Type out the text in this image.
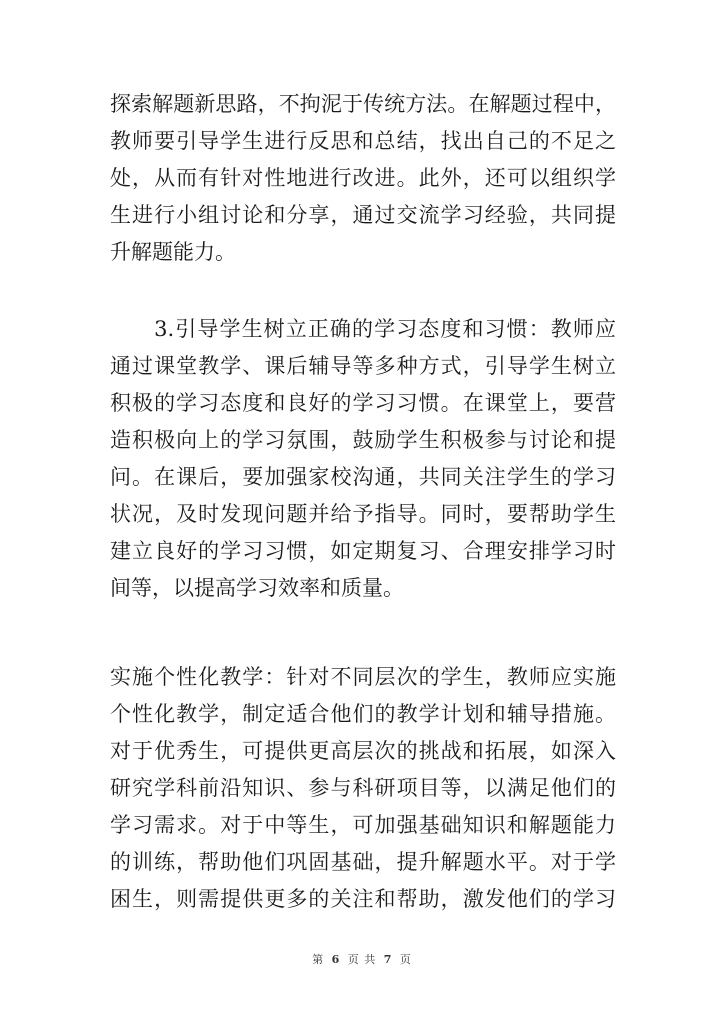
探索解题新思路，不拘泥于传统方法。在解题过程中，
教师要引导学生进行反思和总结，找出自己的不足之
处，从而有针对性地进行改进。此外，还可以组织学
生进行小组讨论和分享，通过交流学习经验，共同提
升解题能力。
　　3.引导学生树立正确的学习态度和习惯：教师应
通过课堂教学、课后辅导等多种方式，引导学生树立
积极的学习态度和良好的学习习惯。在课堂上，要营
造积极向上的学习氛围，鼓励学生积极参与讨论和提
问。在课后，要加强家校沟通，共同关注学生的学习
状况，及时发现问题并给予指导。同时，要帮助学生
建立良好的学习习惯，如定期复习、合理安排学习时
间等，以提高学习效率和质量。
实施个性化教学：针对不同层次的学生，教师应实施
个性化教学，制定适合他们的教学计划和辅导措施。
对于优秀生，可提供更高层次的挑战和拓展，如深入
研究学科前沿知识、参与科研项目等，以满足他们的
学习需求。对于中等生，可加强基础知识和解题能力
的训练，帮助他们巩固基础，提升解题水平。对于学
困生，则需提供更多的关注和帮助，激发他们的学习
第 6 页 共 7 页
